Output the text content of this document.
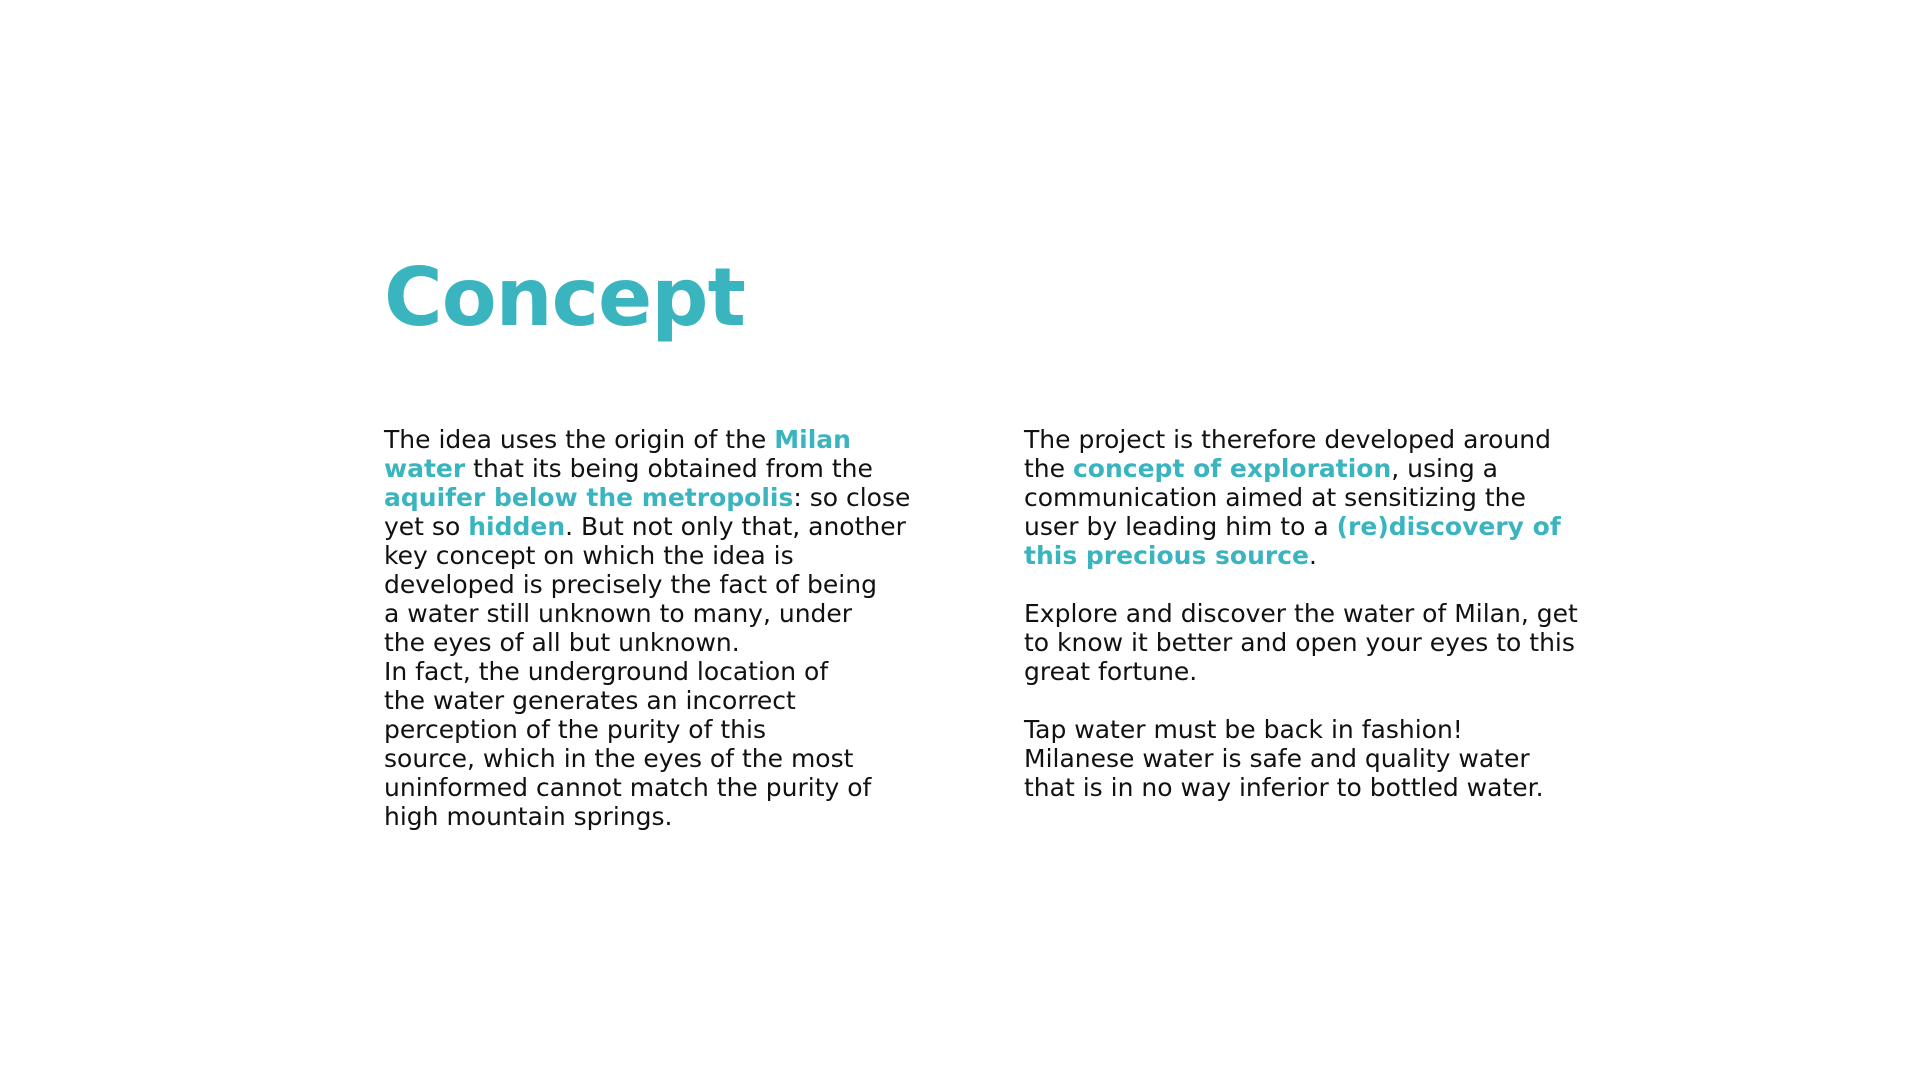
Concept
The idea uses the origin of the Milan
water that its being obtained from the
aquifer below the metropolis: so close
yet so hidden. But not only that, another
key concept on which the idea is
developed is precisely the fact of being
a water still unknown to many, under
the eyes of all but unknown.
In fact, the underground location of
the water generates an incorrect
perception of the purity of this
source, which in the eyes of the most
uninformed cannot match the purity of
high mountain springs.
The project is therefore developed around
the concept of exploration, using a
communication aimed at sensitizing the
user by leading him to a (re)discovery of
this precious source.
Explore and discover the water of Milan, get
to know it better and open your eyes to this
great fortune.
Tap water must be back in fashion!
Milanese water is safe and quality water
that is in no way inferior to bottled water.
